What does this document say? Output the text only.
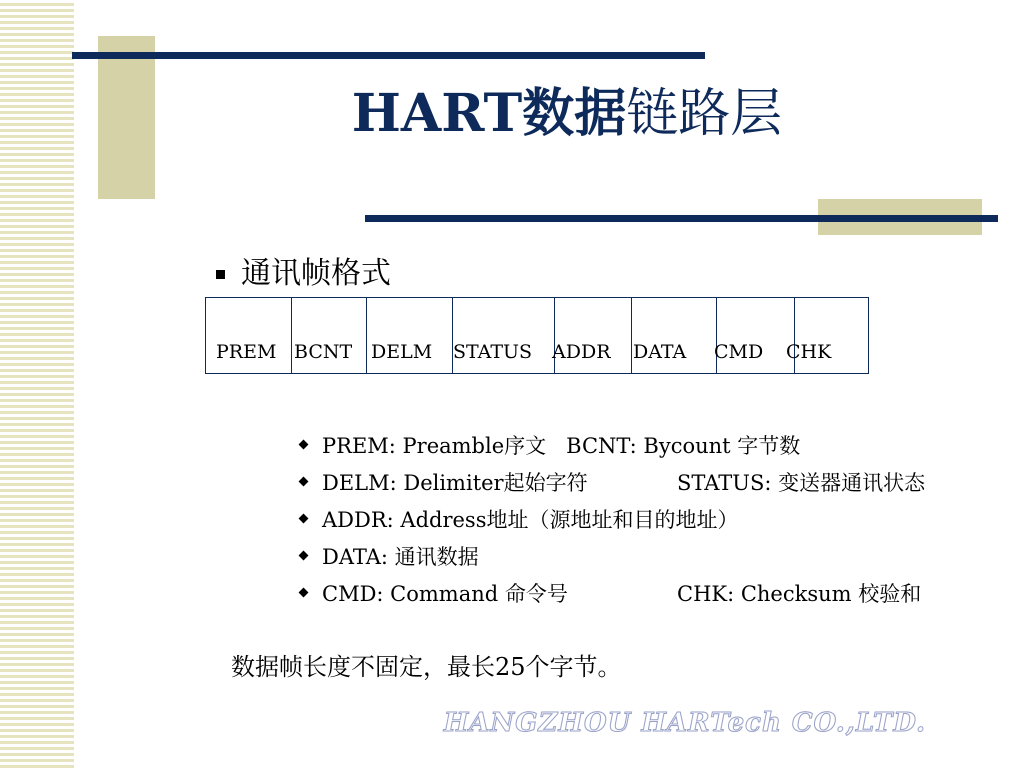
HART数据链路层
通讯帧格式
PREM BCNT DELM STATUS ADDR DATA CMD CHK
PREM: Preamble序文 BCNT: Bycount 字节数
DELM: Delimiter起始字符	STATUS: 变送器通讯状态
ADDR: Address地址（源地址和目的地址）
DATA: 通讯数据
CMD: Command 命令号	CHK: Checksum 校验和
数据帧长度不固定，最长25个字节。
HANGZHOU HARTech CO.,LTD.
